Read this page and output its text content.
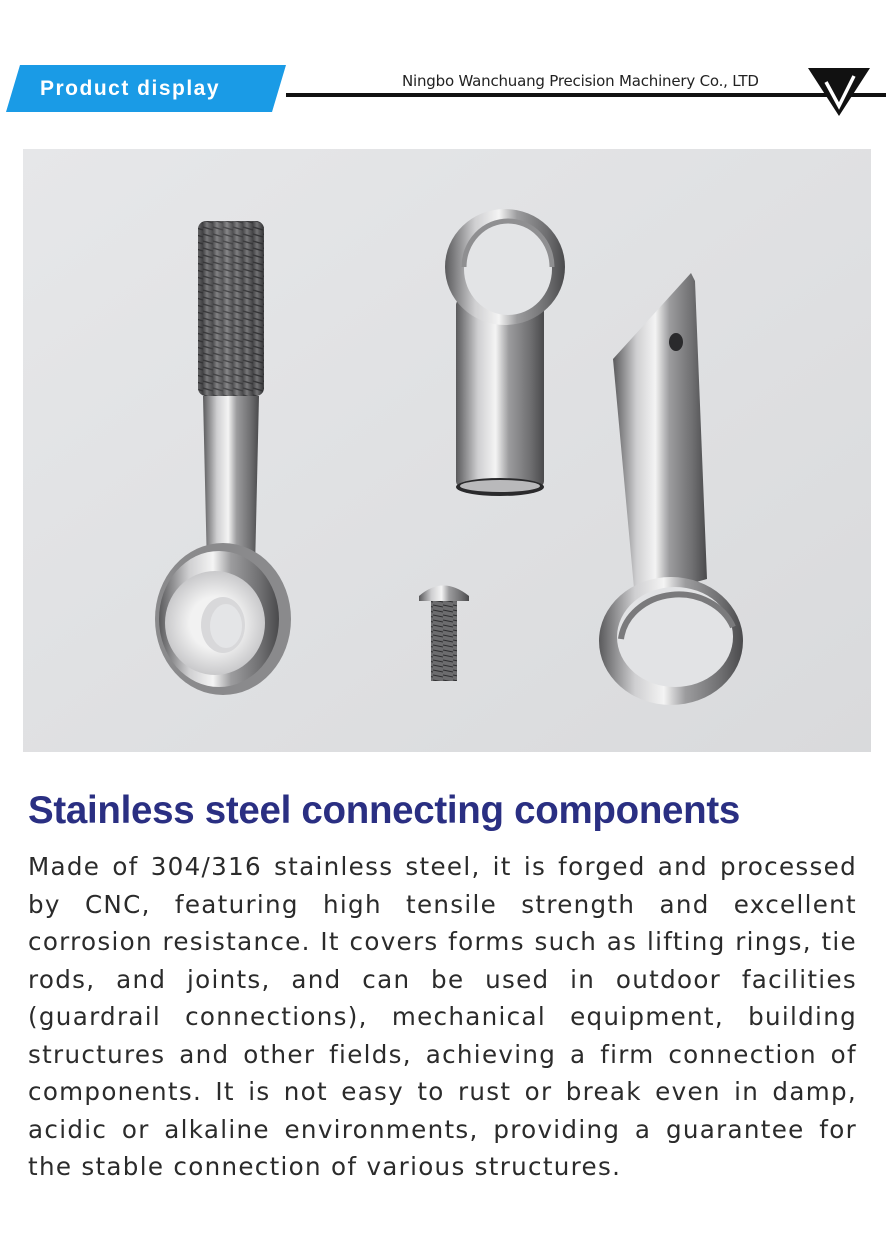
Product display	Ningbo Wanchuang Precision Machinery Co., LTD
Stainless steel connecting components
Made of 304/316 stainless steel, it is forged and processed by CNC, featuring high tensile strength and excellent corrosion resistance. It covers forms such as lifting rings, tie rods, and joints, and can be used in outdoor facilities (guardrail connections), mechanical equipment, building structures and other fields, achieving a firm connection of components. It is not easy to rust or break even in damp, acidic or alkaline environments, providing a guarantee for the stable connection of various structures.
